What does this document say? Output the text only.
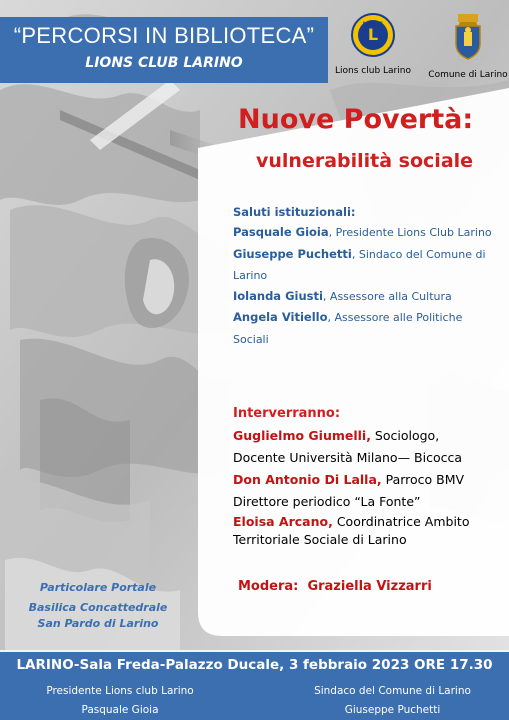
“PERCORSI IN BIBLIOTECA”
LIONS CLUB LARINO
LIONS
L
Lions club Larino Comune di Larino
Nuove Povertà:
vulnerabilità sociale
Saluti istituzionali:
Pasquale Gioia, Presidente Lions Club Larino
Giuseppe Puchetti, Sindaco del Comune di Larino
Iolanda Giusti, Assessore alla Cultura
Angela Vitiello, Assessore alle Politiche Sociali
Interverranno:
Guglielmo Giumelli, Sociologo, Docente Università Milano— Bicocca
Don Antonio Di Lalla, Parroco BMV Direttore periodico “La Fonte”
Eloisa Arcano, Coordinatrice Ambito Territoriale Sociale di Larino
Modera: Graziella Vizzarri
Particolare Portale
Basilica Concattedrale
San Pardo di Larino
LARINO-Sala Freda-Palazzo Ducale, 3 febbraio 2023 ORE 17.30
Presidente Lions club Larino
Pasquale Gioia
Sindaco del Comune di Larino
Giuseppe Puchetti
